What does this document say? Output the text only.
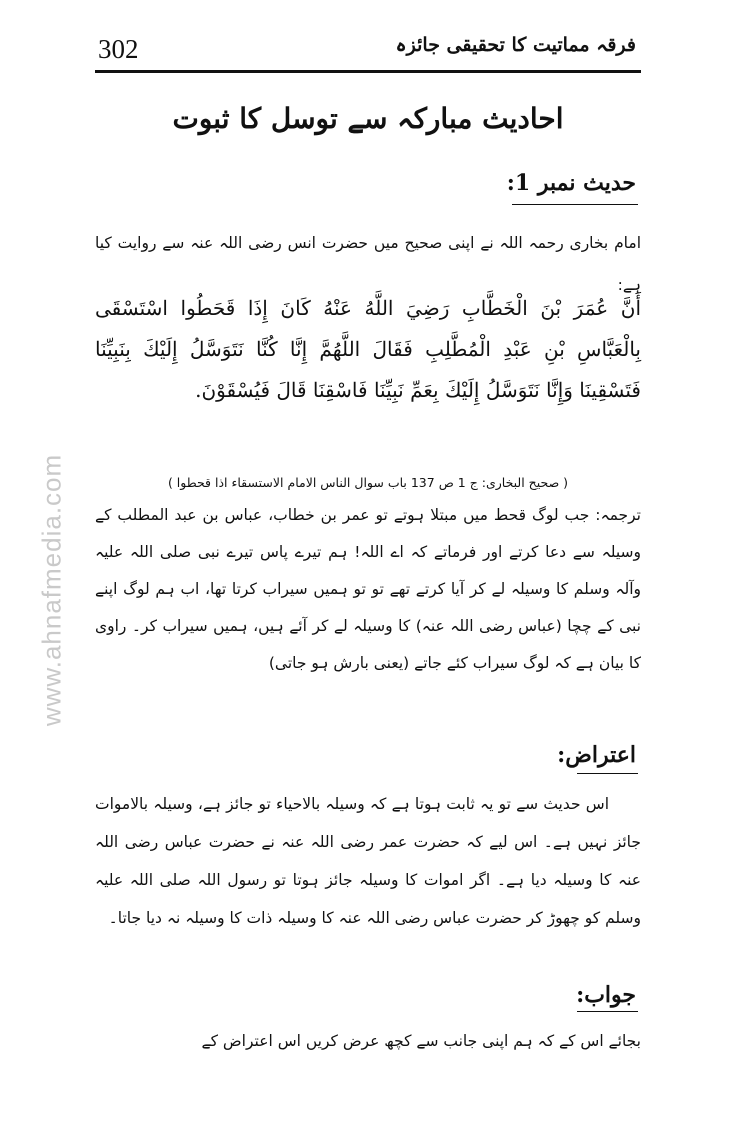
302	فرقہ مماتیت کا تحقیقی جائزہ
احادیث مبارکہ سے توسل کا ثبوت
حدیث نمبر 1:
امام بخاری رحمہ اللہ نے اپنی صحیح میں حضرت انس رضی اللہ عنہ سے روایت کیا ہے:
أَنَّ عُمَرَ بْنَ الْخَطَّابِ رَضِيَ اللَّهُ عَنْهُ كَانَ إِذَا قَحَطُوا اسْتَسْقَى بِالْعَبَّاسِ بْنِ عَبْدِ الْمُطَّلِبِ فَقَالَ اللَّهُمَّ إِنَّا كُنَّا نَتَوَسَّلُ إِلَيْكَ بِنَبِيِّنَا فَتَسْقِينَا وَإِنَّا نَتَوَسَّلُ إِلَيْكَ بِعَمِّ نَبِيِّنَا فَاسْقِنَا قَالَ فَيُسْقَوْنَ.
( صحیح البخاری: ج 1 ص 137 باب سوال الناس الامام الاستسقاء اذا قحطوا )
ترجمہ: جب لوگ قحط میں مبتلا ہوتے تو عمر بن خطاب، عباس بن عبد المطلب کے وسیلہ سے دعا کرتے اور فرماتے کہ اے اللہ! ہم تیرے پاس تیرے نبی صلی اللہ علیہ وآلہ وسلم کا وسیلہ لے کر آیا کرتے تھے تو تو ہمیں سیراب کرتا تھا، اب ہم لوگ اپنے نبی کے چچا (عباس رضی اللہ عنہ) کا وسیلہ لے کر آئے ہیں، ہمیں سیراب کر۔ راوی کا بیان ہے کہ لوگ سیراب کئے جاتے (یعنی بارش ہو جاتی)
اعتراض:
اس حدیث سے تو یہ ثابت ہوتا ہے کہ وسیلہ بالاحیاء تو جائز ہے، وسیلہ بالاموات جائز نہیں ہے۔ اس لیے کہ حضرت عمر رضی اللہ عنہ نے حضرت عباس رضی اللہ عنہ کا وسیلہ دیا ہے۔ اگر اموات کا وسیلہ جائز ہوتا تو رسول اللہ صلی اللہ علیہ وسلم کو چھوڑ کر حضرت عباس رضی اللہ عنہ کا وسیلہ ذات کا وسیلہ نہ دیا جاتا۔
جواب:
بجائے اس کے کہ ہم اپنی جانب سے کچھ عرض کریں اس اعتراض کے
www.ahnafmedia.com
